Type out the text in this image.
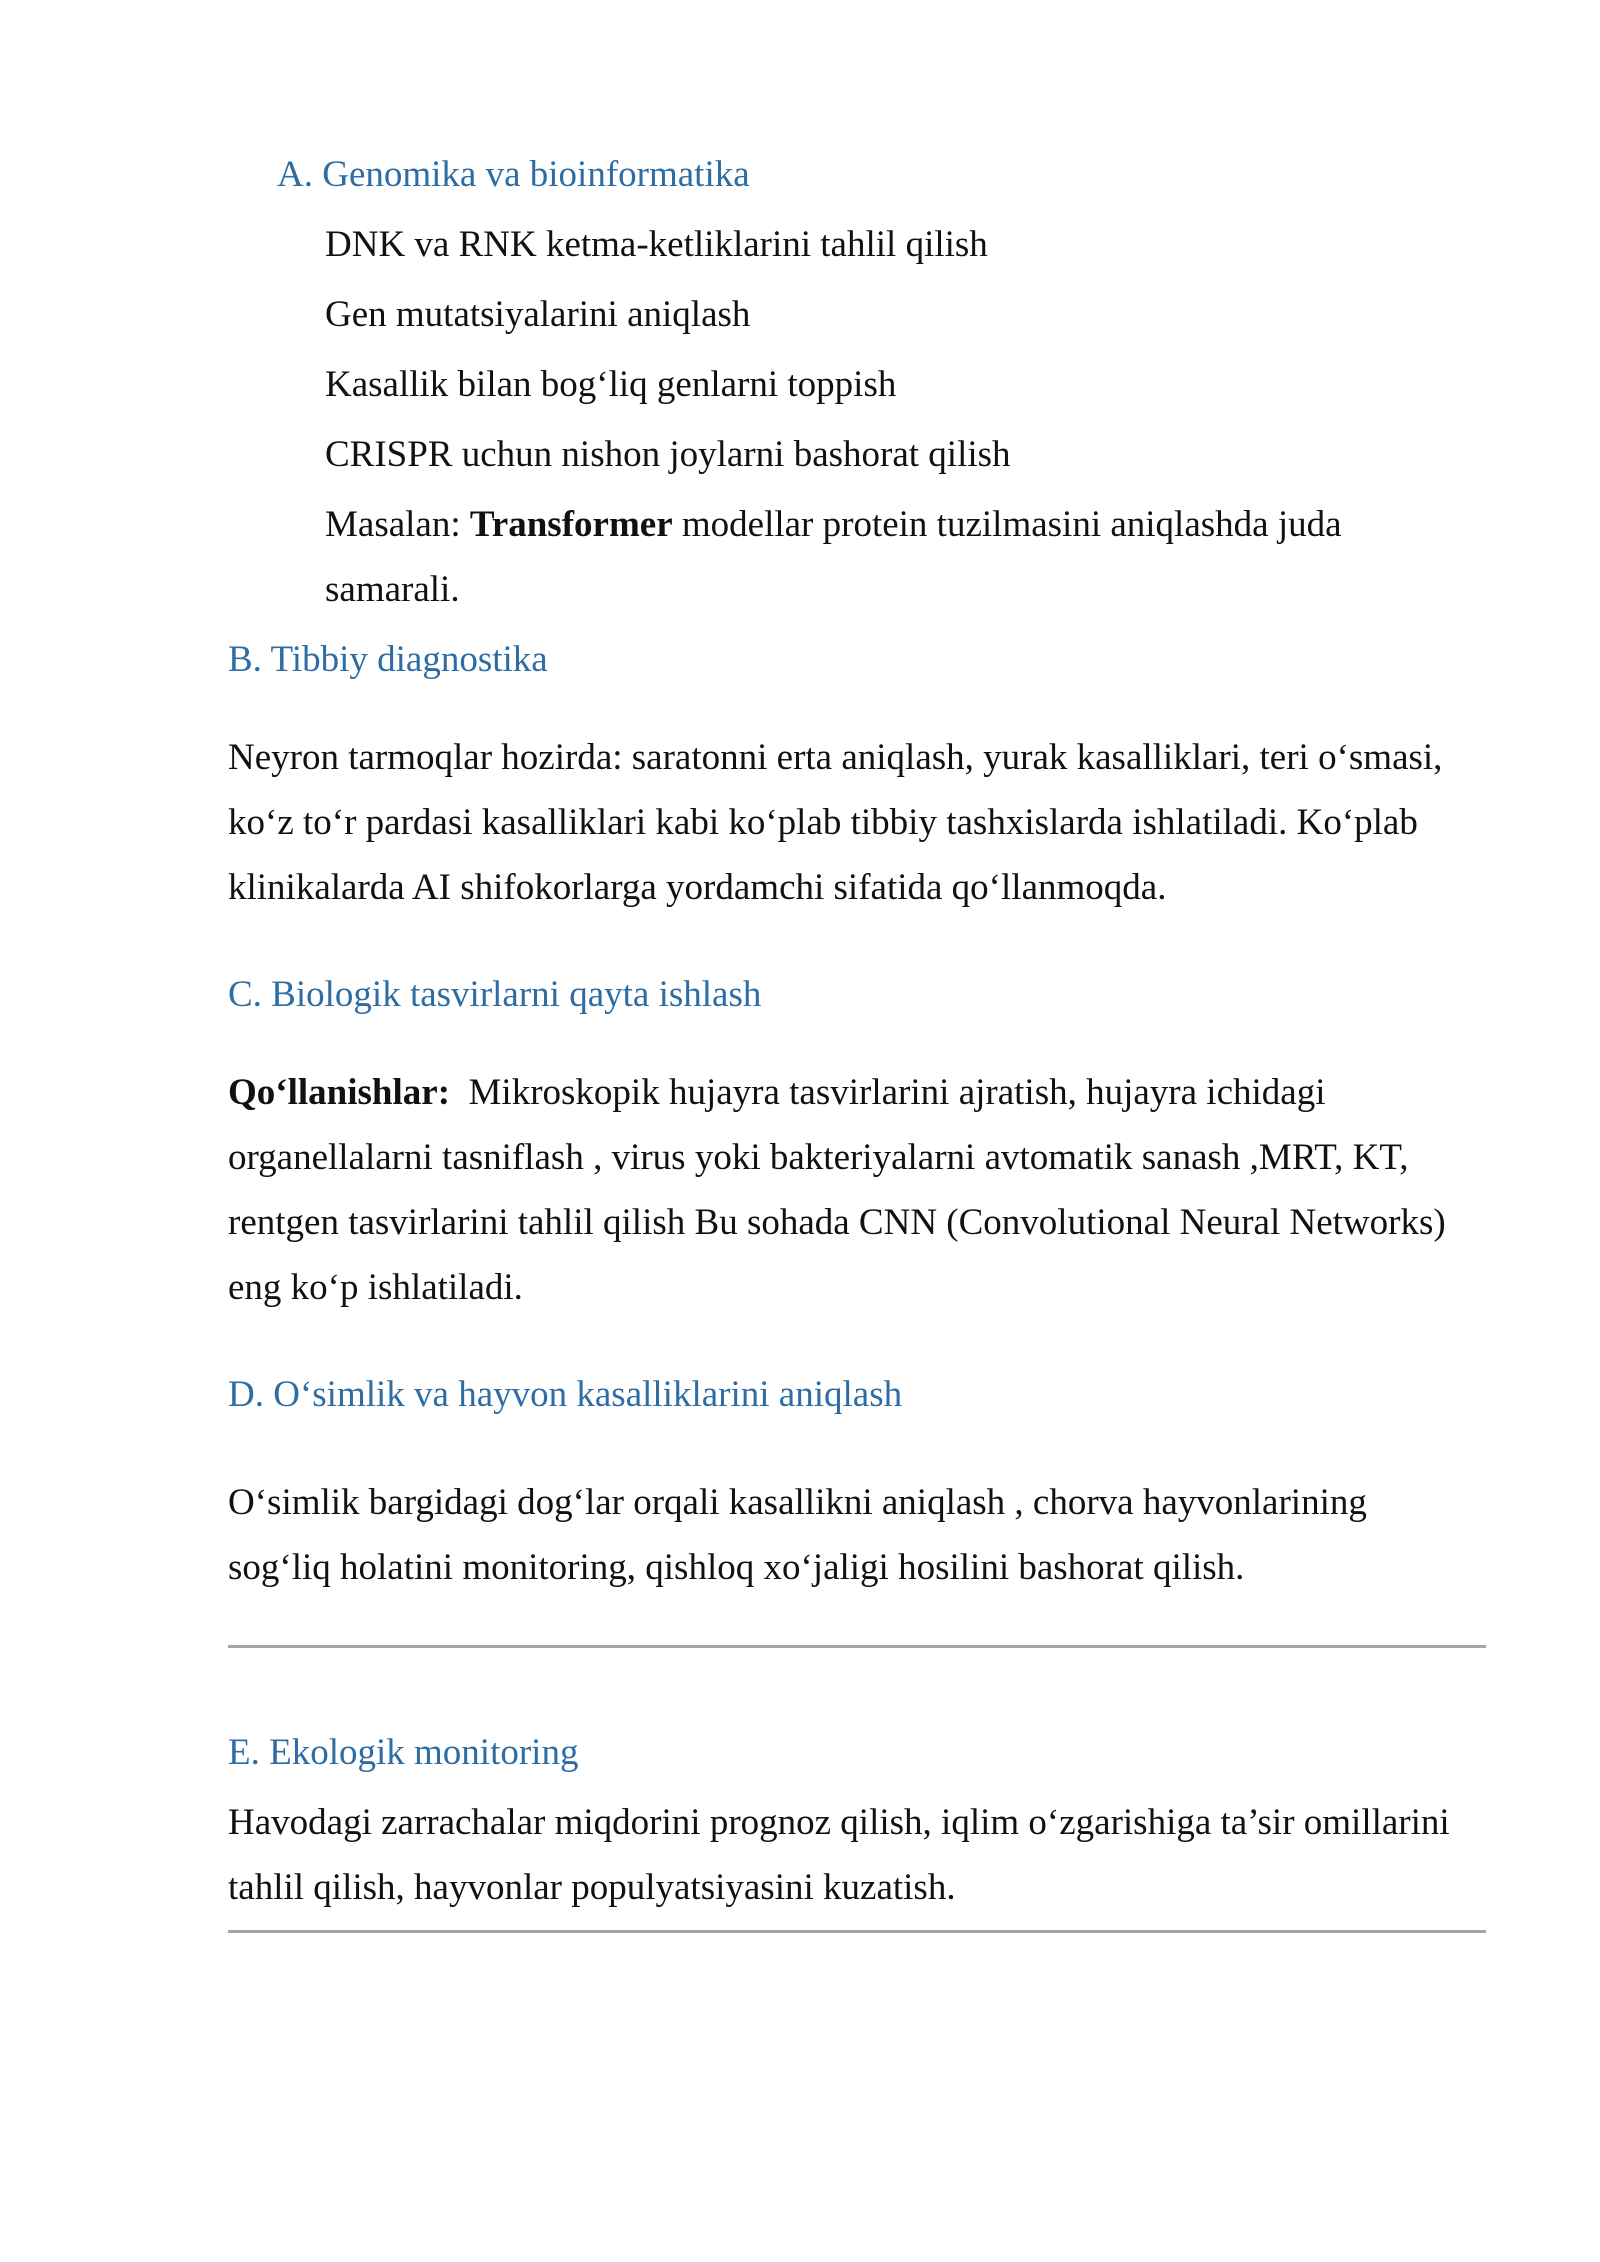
A. Genomika va bioinformatika
DNK va RNK ketma-ketliklarini tahlil qilish
Gen mutatsiyalarini aniqlash
Kasallik bilan bog‘liq genlarni toppish
CRISPR uchun nishon joylarni bashorat qilish
Masalan: Transformer modellar protein tuzilmasini aniqlashda juda
samarali.
B. Tibbiy diagnostika
Neyron tarmoqlar hozirda: saratonni erta aniqlash, yurak kasalliklari, teri o‘smasi,
ko‘z to‘r pardasi kasalliklari kabi ko‘plab tibbiy tashxislarda ishlatiladi. Ko‘plab
klinikalarda AI shifokorlarga yordamchi sifatida qo‘llanmoqda.
C. Biologik tasvirlarni qayta ishlash
Qo‘llanishlar:  Mikroskopik hujayra tasvirlarini ajratish, hujayra ichidagi
organellalarni tasniflash , virus yoki bakteriyalarni avtomatik sanash ,MRT, KT,
rentgen tasvirlarini tahlil qilish Bu sohada CNN (Convolutional Neural Networks)
eng ko‘p ishlatiladi.
D. O‘simlik va hayvon kasalliklarini aniqlash
O‘simlik bargidagi dog‘lar orqali kasallikni aniqlash , chorva hayvonlarining
sog‘liq holatini monitoring, qishloq xo‘jaligi hosilini bashorat qilish.
E. Ekologik monitoring
Havodagi zarrachalar miqdorini prognoz qilish, iqlim o‘zgarishiga ta’sir omillarini
tahlil qilish, hayvonlar populyatsiyasini kuzatish.
